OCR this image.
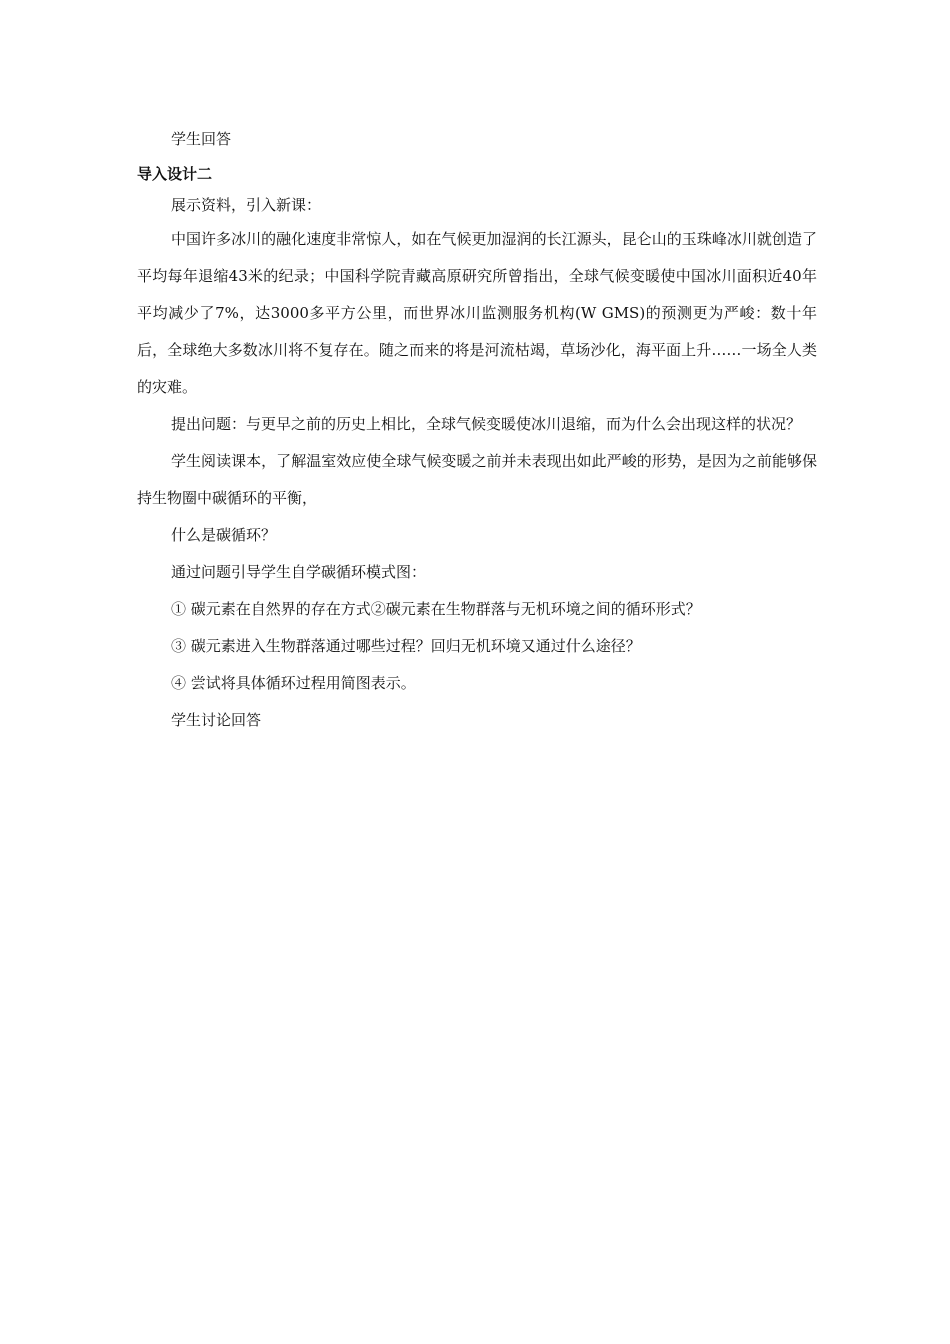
学生回答

导入设计二

展示资料，引入新课：

中国许多冰川的融化速度非常惊人，如在气候更加湿润的长江源头，昆仑山的玉珠峰冰川就创造了平均每年退缩43米的纪录；中国科学院青藏高原研究所曾指出，全球气候变暖使中国冰川面积近40年平均减少了7%，达3000多平方公里，而世界冰川监测服务机构(W GMS)的预测更为严峻：数十年后，全球绝大多数冰川将不复存在。随之而来的将是河流枯竭，草场沙化，海平面上升……一场全人类的灾难。

提出问题：与更早之前的历史上相比，全球气候变暖使冰川退缩，而为什么会出现这样的状况？

学生阅读课本，了解温室效应使全球气候变暖之前并未表现出如此严峻的形势，是因为之前能够保持生物圈中碳循环的平衡，

什么是碳循环？

通过问题引导学生自学碳循环模式图：

① 碳元素在自然界的存在方式②碳元素在生物群落与无机环境之间的循环形式？

③ 碳元素进入生物群落通过哪些过程？回归无机环境又通过什么途径？

④ 尝试将具体循环过程用简图表示。

学生讨论回答
